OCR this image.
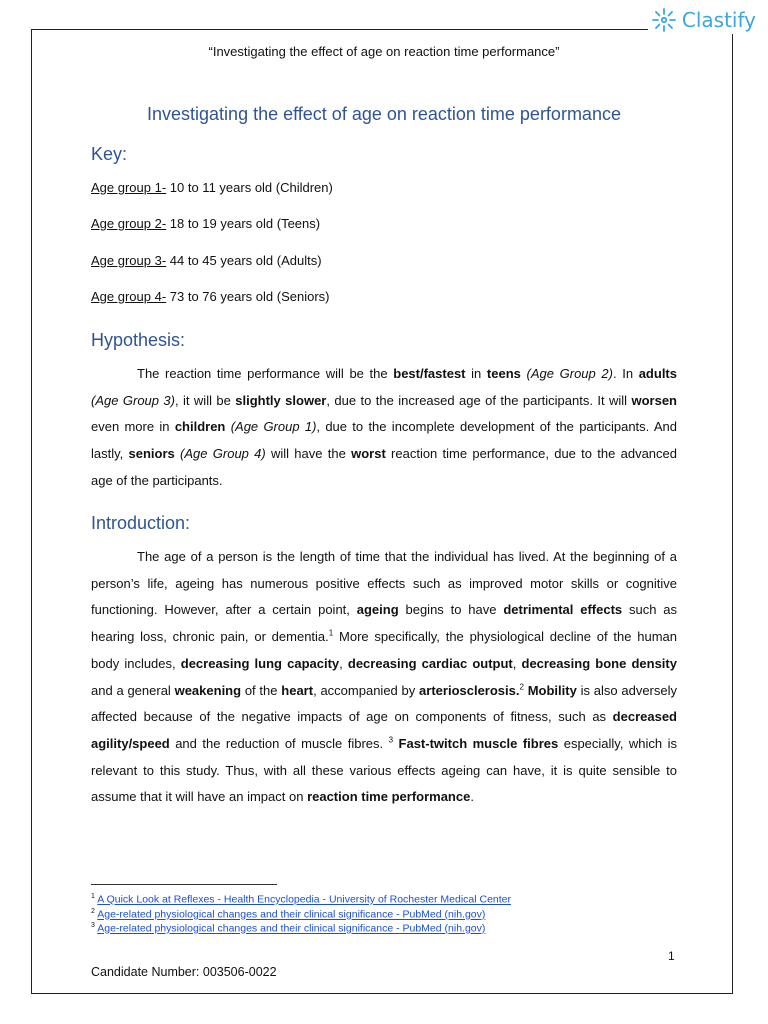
Clastify
“Investigating the effect of age on reaction time performance”
Investigating the effect of age on reaction time performance
Key:
Age group 1- 10 to 11 years old (Children)
Age group 2- 18 to 19 years old (Teens)
Age group 3- 44 to 45 years old (Adults)
Age group 4- 73 to 76 years old (Seniors)
Hypothesis:
The reaction time performance will be the best/fastest in teens (Age Group 2). In adults (Age Group 3), it will be slightly slower, due to the increased age of the participants. It will worsen even more in children (Age Group 1), due to the incomplete development of the participants. And lastly, seniors (Age Group 4) will have the worst reaction time performance, due to the advanced age of the participants.
Introduction:
The age of a person is the length of time that the individual has lived. At the beginning of a person’s life, ageing has numerous positive effects such as improved motor skills or cognitive functioning. However, after a certain point, ageing begins to have detrimental effects such as hearing loss, chronic pain, or dementia.$^1$ More specifically, the physiological decline of the human body includes, decreasing lung capacity, decreasing cardiac output, decreasing bone density and a general weakening of the heart, accompanied by arteriosclerosis.$^2$ Mobility is also adversely affected because of the negative impacts of age on components of fitness, such as decreased agility/speed and the reduction of muscle fibres. $^3$ Fast-twitch muscle fibres especially, which is relevant to this study. Thus, with all these various effects ageing can have, it is quite sensible to assume that it will have an impact on reaction time performance.
$^1$ A Quick Look at Reflexes - Health Encyclopedia - University of Rochester Medical Center
$^2$ Age-related physiological changes and their clinical significance - PubMed (nih.gov)
$^3$ Age-related physiological changes and their clinical significance - PubMed (nih.gov)
1
Candidate Number: 003506-0022
